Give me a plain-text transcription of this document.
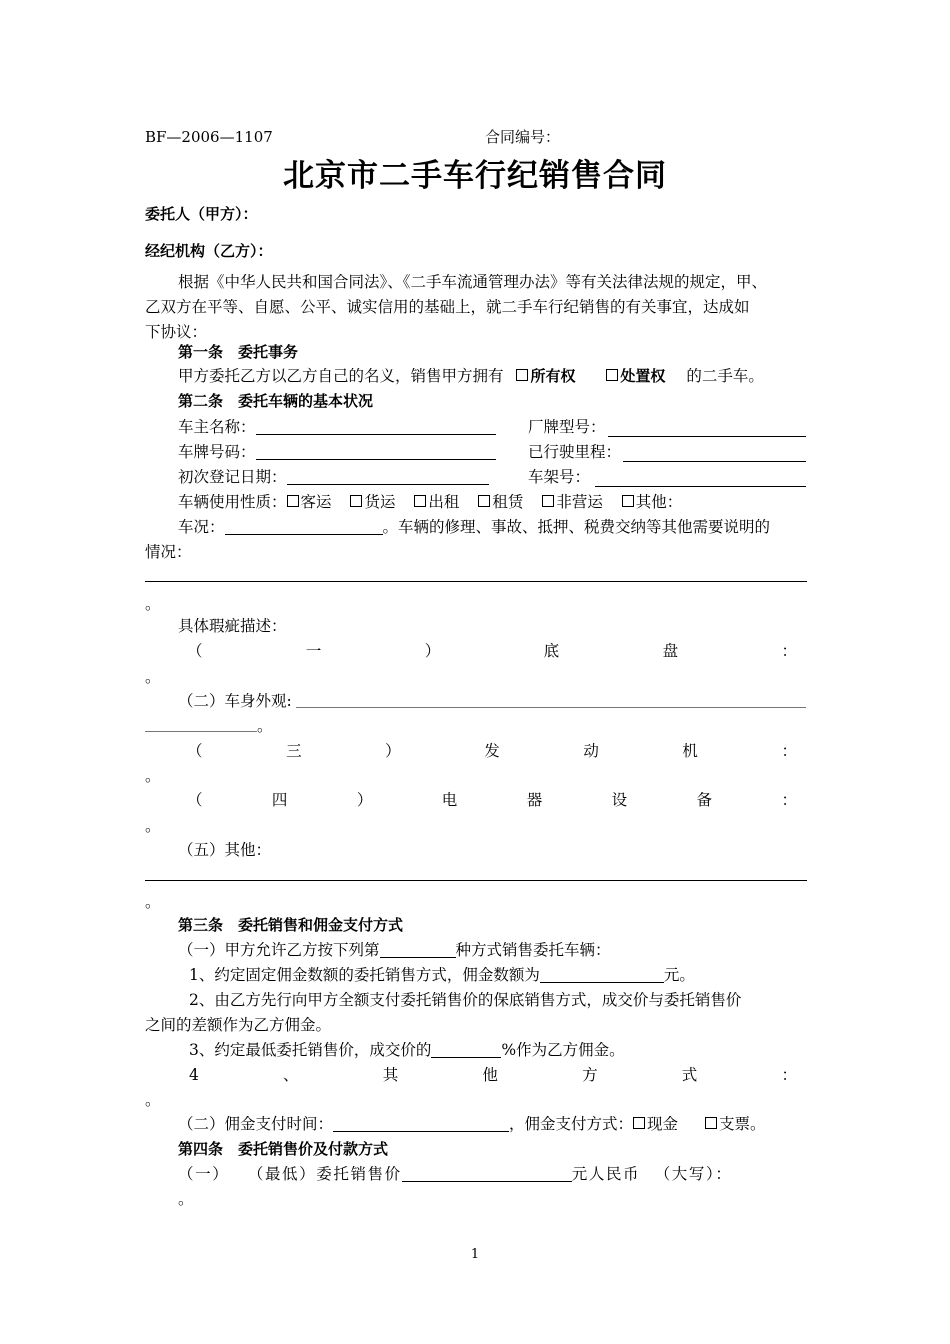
BF—2006—1107	合同编号：
北京市二手车行纪销售合同
委托人（甲方）：
经纪机构（乙方）：
根据《中华人民共和国合同法》、《二手车流通管理办法》等有关法律法规的规定，甲、
乙双方在平等、自愿、公平、诚实信用的基础上，就二手车行纪销售的有关事宜，达成如
下协议：
第一条　委托事务
甲方委托乙方以乙方自己的名义，销售甲方拥有 所有权	处置权 的二手车。
第二条　委托车辆的基本状况
车主名称：	厂牌型号：
车牌号码：	已行驶里程：
初次登记日期：	车架号：
车辆使用性质： 客运 货运 出租 租赁 非营运 其他：
车况：	。车辆的修理、事故、抵押、税费交纳等其他需要说明的
情况：
。
具体瑕疵描述：
（	一	）	底	盘	：
。
（二）车身外观:
。
（	三	）	发	动	机	：
。
（	四	）	电	器	设	备	：
。
（五）其他：
。
第三条　委托销售和佣金支付方式
（一）甲方允许乙方按下列第	种方式销售委托车辆：
1、约定固定佣金数额的委托销售方式，佣金数额为	元。
2、由乙方先行向甲方全额支付委托销售价的保底销售方式，成交价与委托销售价
之间的差额作为乙方佣金。
3、约定最低委托销售价，成交价的	%作为乙方佣金。
4	、	其	他	方	式	：
。
（二）佣金支付时间：	，佣金支付方式： 现金	支票。
第四条　委托销售价及付款方式
（一） （最低）委托销售价	元人民币 （大写）：
。
1
